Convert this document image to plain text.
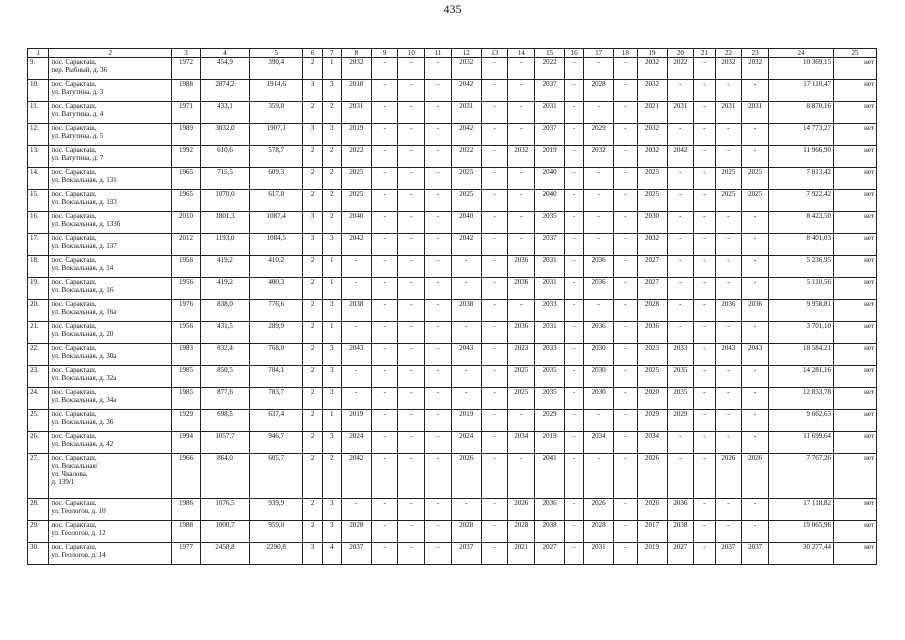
435
1	2	3	4	5	6	7	8	9	10	11	12	13	14	15	16	17	18	19	20	21	22	23	24	25
9.	пос. Саракташ,
пер. Рыбный, д. 36	1972	454,9	390,4	2	1	2032	-	-	-	2032	-	-	2022	-	-	-	2032	2022	-	2032	2032	10 369,15	нет
10.	пос. Саракташ,
ул. Ватутина, д. 3	1988	2874,2	1914,6	3	3	2018	-	-	-	2042	-	-	2037	-	2028	-	2032	-	-	-	-	17 110,47	нет
11.	пос. Саракташ,
ул. Ватутина, д. 4	1971	433,1	359,8	2	2	2031	-	-	-	2031	-	-	2031	-	-	-	2021	2031	-	2031	2031	8 870,16	нет
12.	пос. Саракташ,
ул. Ватутина, д. 5	1989	3032,0	1907,1	3	3	2019	-	-	-	2042	-	-	2037	-	2029	-	2032	-	-	-	-	14 773,27	нет
13.	пос. Саракташ,
ул. Ватутина, д. 7	1992	610,6	578,7	2	2	2022	-	-	-	2022	-	2032	2019	-	2032	-	2032	2042	-	-	-	11 966,90	нет
14.	пос. Саракташ,
ул. Вокзальная, д. 131	1965	715,5	609,3	2	2	2025	-	-	-	2025	-	-	2040	-	-	-	2025	-	-	2025	2025	7 813,42	нет
15.	пос. Саракташ,
ул. Вокзальная, д. 133	1965	1070,0	617,8	2	2	2025	-	-	-	2025	-	-	2040	-	-	-	2025	-	-	2025	2025	7 922,42	нет
16.	пос. Саракташ,
ул. Вокзальная, д. 133б	2010	1801,3	1087,4	3	2	2040	-	-	-	2040	-	-	2035	-	-	-	2030	-	-	-	-	8 423,50	нет
17.	пос. Саракташ,
ул. Вокзальная, д. 137	2012	1193,0	1084,5	3	3	2042	-	-	-	2042	-	-	2037	-	-	-	2032	-	-	-	-	8 401,03	нет
18.	пос. Саракташ,
ул. Вокзальная, д. 14	1956	419,2	410,2	2	1	-	-	-	-	-	-	2036	2031	-	2036	-	2027	-	-	-	-	5 236,95	нет
19.	пос. Саракташ,
ул. Вокзальная, д. 16	1956	419,2	400,3	2	1	-	-	-	-	-	-	2036	2031	-	2036	-	2027	-	-	-	-	5 110,56	нет
20.	пос. Саракташ,
ул. Вокзальная, д. 16а	1976	838,0	776,6	2	3	2038	-	-	-	2038	-	-	2033	-	-	-	2028	-	-	2036	2036	9 958,81	нет
21.	пос. Саракташ,
ул. Вокзальная, д. 20	1956	431,5	289,9	2	1	-	-	-	-	-	-	2036	2031	-	2036	-	2036	-	-	-	-	3 701,10	нет
22.	пос. Саракташ,
ул. Вокзальная, д. 30а	1983	832,4	768,0	2	3	2043	-	-	-	2043	-	2023	2033	-	2030	-	2023	2033	-	2043	2043	18 584,21	нет
23.	пос. Саракташ,
ул. Вокзальная, д. 32а	1985	850,5	784,1	2	3	-	-	-	-	-	-	2025	2035	-	2030	-	2025	2035	-	-	-	14 281,16	нет
24.	пос. Саракташ,
ул. Вокзальная, д. 34а	1985	877,6	783,7	2	3	-	-	-	-	-	-	2025	2035	-	2030	-	2020	2035	-	-	-	12 853,78	нет
25.	пос. Саракташ,
ул. Вокзальная, д. 36	1929	698,5	637,4	2	1	2019	-	-	-	2019	-	-	2029	-	-	-	2029	2029	-	-	-	9 662,63	нет
26.	пос. Саракташ,
ул. Вокзальная, д. 42	1994	1057,7	946,7	2	3	2024	-	-	-	2024	-	2034	2019	-	2034	-	2034	-	-	-	-	11 699,64	нет
27.	пос. Саракташ,
ул. Вокзальная/
ул. Чкалова,
д. 139/1	1966	864,0	605,7	2	2	2042	-	-	-	2026	-	-	2041	-	-	-	2026	-	-	2026	2026	7 767,26	нет
28.	пос. Саракташ,
ул. Геологов, д. 10	1986	1076,5	939,9	2	3	-	-	-	-	-	-	2026	2036	-	2026	-	2026	2036	-	-	-	17 118,82	нет
29.	пос. Саракташ,
ул. Геологов, д. 12	1988	1000,7	959,0	2	3	2028	-	-	-	2028	-	2028	2038	-	2028	-	2017	2038	-	-	-	19 065,96	нет
30.	пос. Саракташ,
ул. Геологов, д. 14	1977	2458,8	2290,8	3	4	2037	-	-	-	2037	-	2021	2027	-	2031	-	2019	2027	-	2037	2037	30 277,44	нет
